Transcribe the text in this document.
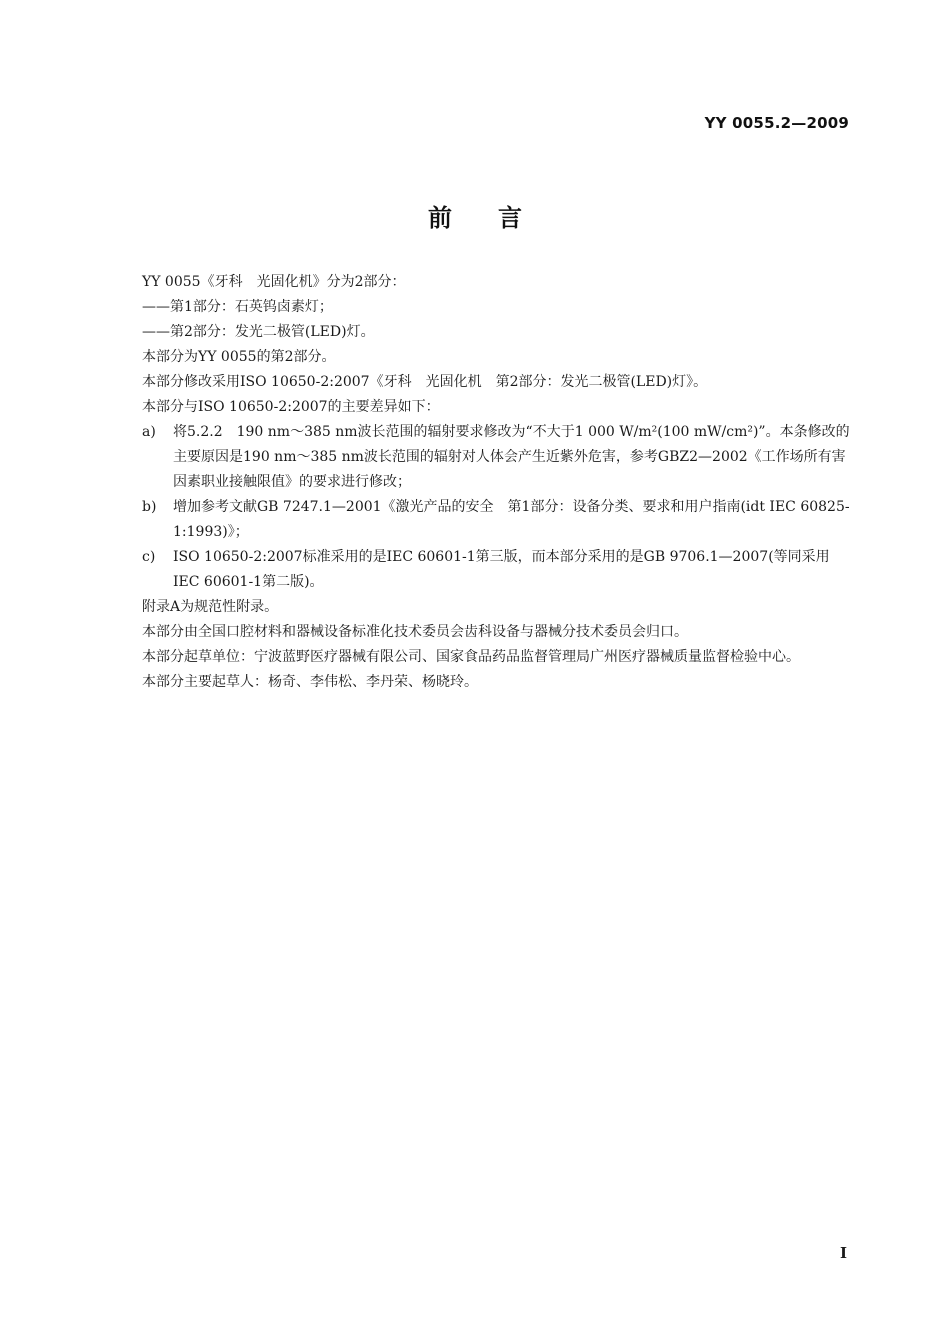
YY 0055.2—2009
前言
YY 0055《牙科　光固化机》分为2部分：
——第1部分：石英钨卤素灯；
——第2部分：发光二极管(LED)灯。
本部分为YY 0055的第2部分。
本部分修改采用ISO 10650-2:2007《牙科　光固化机　第2部分：发光二极管(LED)灯》。
本部分与ISO 10650-2:2007的主要差异如下：
a) 将5.2.2　190 nm～385 nm波长范围的辐射要求修改为“不大于1 000 W/m²(100 mW/cm²)”。本条修改的主要原因是190 nm～385 nm波长范围的辐射对人体会产生近紫外危害，参考GBZ2—2002《工作场所有害因素职业接触限值》的要求进行修改；
b) 增加参考文献GB 7247.1—2001《激光产品的安全　第1部分：设备分类、要求和用户指南(idt IEC 60825-1:1993)》；
c) ISO 10650-2:2007标准采用的是IEC 60601-1第三版，而本部分采用的是GB 9706.1—2007(等同采用IEC 60601-1第二版)。
附录A为规范性附录。
本部分由全国口腔材料和器械设备标准化技术委员会齿科设备与器械分技术委员会归口。
本部分起草单位：宁波蓝野医疗器械有限公司、国家食品药品监督管理局广州医疗器械质量监督检验中心。
本部分主要起草人：杨奇、李伟松、李丹荣、杨晓玲。
I
